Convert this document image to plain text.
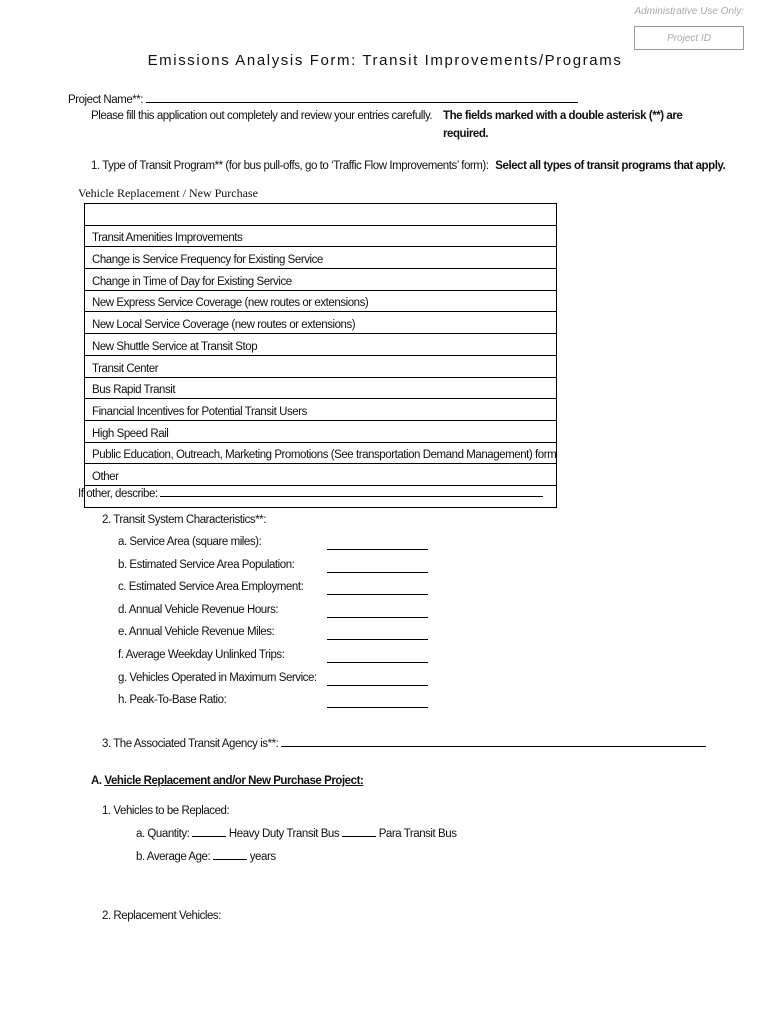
Administrative Use Only:
Project ID
Emissions Analysis Form: Transit Improvements/Programs
Project Name**:
Please fill this application out completely and review your entries carefully. The fields marked with a double asterisk (**) are
required.
1. Type of Transit Program** (for bus pull-offs, go to ‘Traffic Flow Improvements’ form): Select all types of transit programs that apply.
Vehicle Replacement / New Purchase

Transit Amenities Improvements
Change is Service Frequency for Existing Service
Change in Time of Day for Existing Service
New Express Service Coverage (new routes or extensions)
New Local Service Coverage (new routes or extensions)
New Shuttle Service at Transit Stop
Transit Center
Bus Rapid Transit
Financial Incentives for Potential Transit Users
High Speed Rail
Public Education, Outreach, Marketing Promotions (See transportation Demand Management) form
Other

If other, describe:
2. Transit System Characteristics**:
a. Service Area (square miles):
b. Estimated Service Area Population:
c. Estimated Service Area Employment:
d. Annual Vehicle Revenue Hours:
e. Annual Vehicle Revenue Miles:
f. Average Weekday Unlinked Trips:
g. Vehicles Operated in Maximum Service:
h. Peak-To-Base Ratio:
3. The Associated Transit Agency is**:
A. Vehicle Replacement and/or New Purchase Project:
1. Vehicles to be Replaced:
a. Quantity:	Heavy Duty Transit Bus	Para Transit Bus
b. Average Age:	years
2. Replacement Vehicles:
